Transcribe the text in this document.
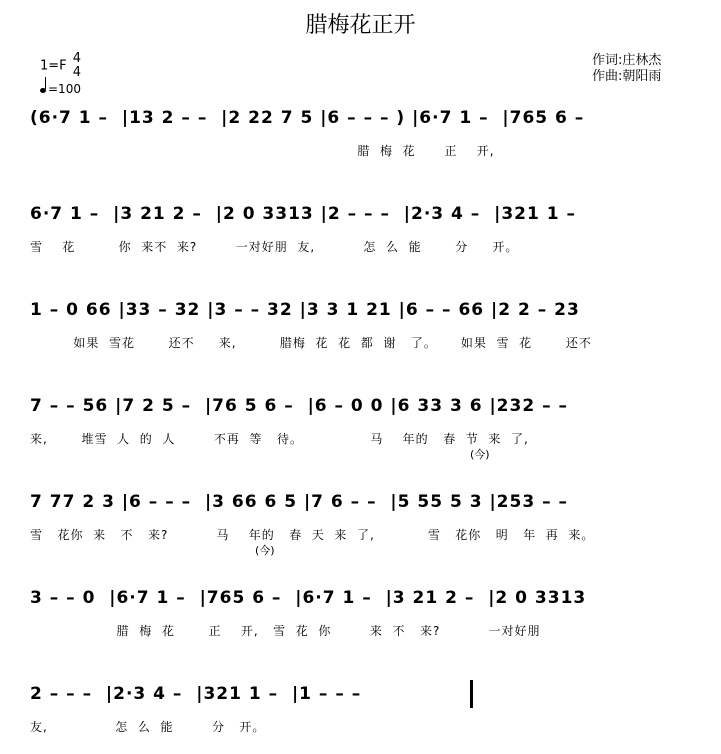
腊梅花正开
1=F 4
4
=100
作词:庄林杰
作曲:朝阳雨
(6·7 1 –  |13 2 – –  |2 22 7 5 |6 – – – ) |6·7 1 –  |765 6 –
腊  梅  花      正    开,
6·7 1 –  |3 21 2 –  |2 0 3313 |2 – – –  |2·3 4 –  |321 1 –
雪    花         你  来不  来?        一对好朋  友,          怎  么  能       分     开。
1 – 0 66 |33 – 32 |3 – – 32 |3 3 1 21 |6 – – 66 |2 2 – 23
如果  雪花       还不     来,         腊梅  花  花  都  谢   了。     如果  雪  花       还不
7 – – 56 |7 2 5 –  |76 5 6 –  |6 – 0 0 |6 33 3 6 |232 – –
来,       堆雪  人  的  人        不再  等   待。              马    年的   春  节  来  了,
(今)
7 77 2 3 |6 – – –  |3 66 6 5 |7 6 – –  |5 55 5 3 |253 – –
雪   花你  来   不   来?          马    年的   春  天  来  了,           雪   花你   明   年  再  来。
(今)
3 – – 0  |6·7 1 –  |765 6 –  |6·7 1 –  |3 21 2 –  |2 0 3313
腊  梅  花       正    开,   雪  花  你        来  不   来?          一对好朋
2 – – –  |2·3 4 –  |321 1 –  |1 – – –
友,              怎  么  能        分   开。
